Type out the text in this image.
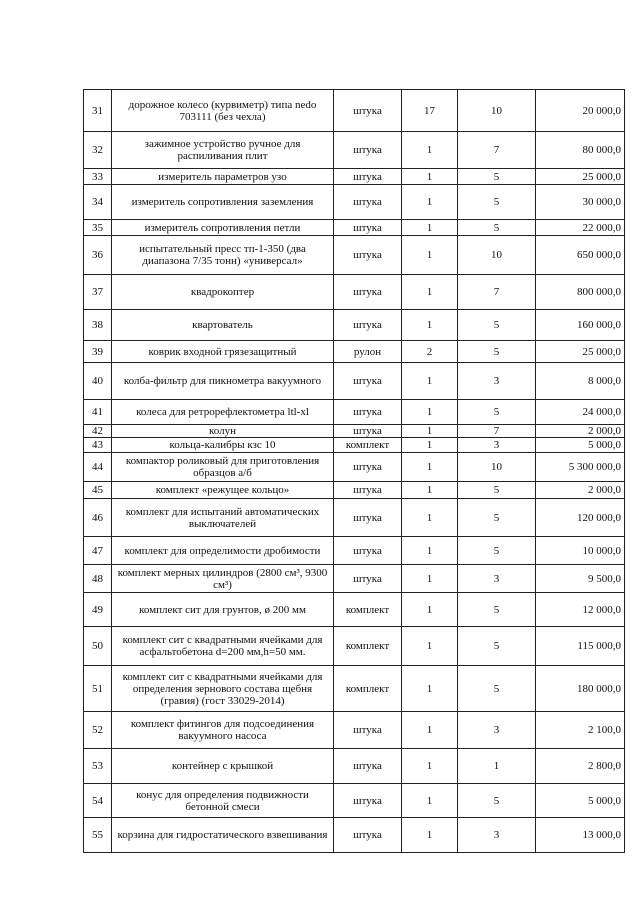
31	дорожное колесо (курвиметр) типа nedo 703111 (без чехла)	штука	17	10	20 000,0
32	зажимное устройство ручное для распиливания плит	штука	1	7	80 000,0
33	измеритель параметров узо	штука	1	5	25 000,0
34	измеритель сопротивления заземления	штука	1	5	30 000,0
35	измеритель сопротивления петли	штука	1	5	22 000,0
36	испытательный пресс тп-1-350 (два диапазона 7/35 тонн) «универсал»	штука	1	10	650 000,0
37	квадрокоптер	штука	1	7	800 000,0
38	квартователь	штука	1	5	160 000,0
39	коврик входной грязезащитный	рулон	2	5	25 000,0
40	колба-фильтр для пикнометра вакуумного	штука	1	3	8 000,0
41	колеса для ретрорефлектометра ltl-xl	штука	1	5	24 000,0
42	колун	штука	1	7	2 000,0
43	кольца-калибры кзс 10	комплект	1	3	5 000,0
44	компактор роликовый для приготовления образцов а/б	штука	1	10	5 300 000,0
45	комплект «режущее кольцо»	штука	1	5	2 000,0
46	комплект для испытаний автоматических выключателей	штука	1	5	120 000,0
47	комплект для определимости дробимости	штука	1	5	10 000,0
48	комплект мерных цилиндров (2800 см³, 9300 см³)	штука	1	3	9 500,0
49	комплект сит для грунтов, ø 200 мм	комплект	1	5	12 000,0
50	комплект сит с квадратными ячейками для асфальтобетона d=200 мм,h=50 мм.	комплект	1	5	115 000,0
51	комплект сит с квадратными ячейками для определения зернового состава щебня (гравия) (гост 33029-2014)	комплект	1	5	180 000,0
52	комплект фитингов для подсоединения вакуумного насоса	штука	1	3	2 100,0
53	контейнер с крышкой	штука	1	1	2 800,0
54	конус для определения подвижности бетонной смеси	штука	1	5	5 000,0
55	корзина для гидростатического взвешивания	штука	1	3	13 000,0
